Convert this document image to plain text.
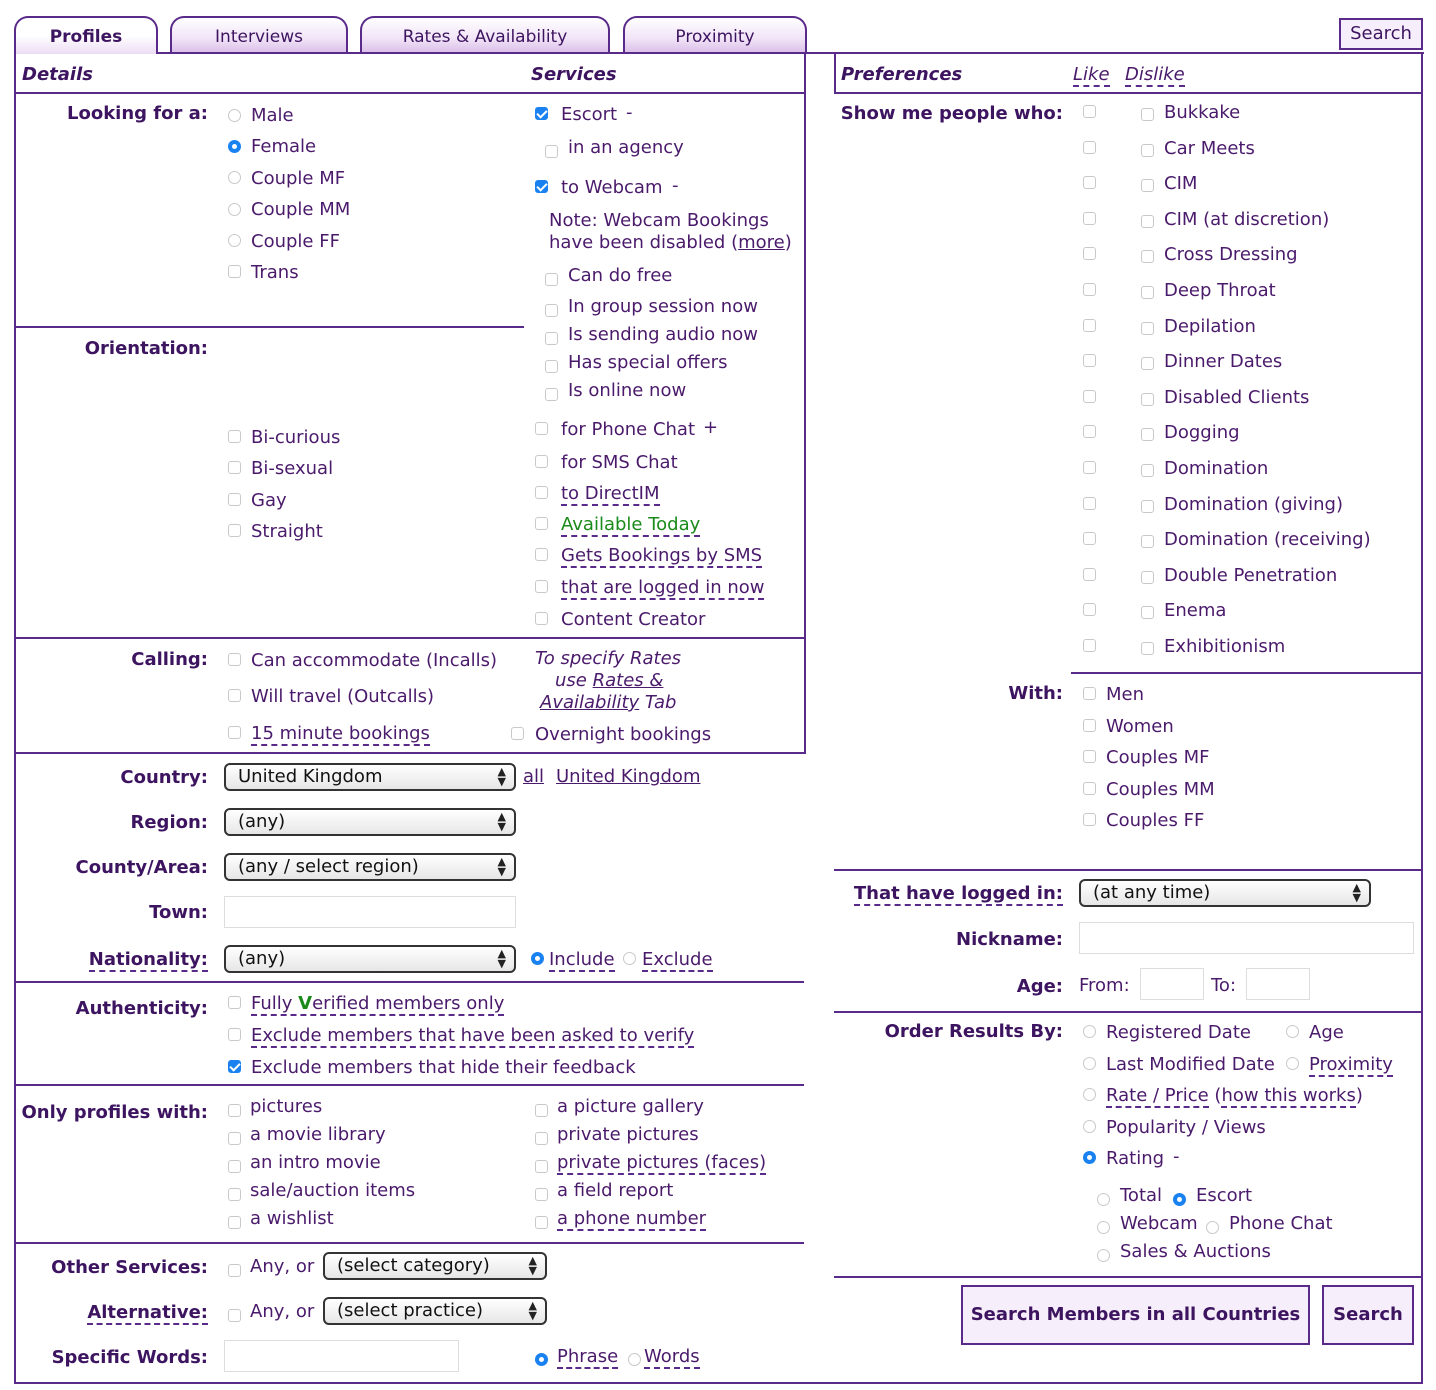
Profiles	Interviews	Rates & Availability	Proximity	Search
Details	Services	Preferences	Like Dislike
Looking for a: Male
Female
Couple MF
Couple MM
Couple FF
Trans
Orientation:
Bi-curious
Bi-sexual
Gay
Straight
Escort -
in an agency
to Webcam -
Note: Webcam Bookings
have been disabled (more)
Can do free
In group session now
Is sending audio now
Has special offers
Is online now
for Phone Chat +
for SMS Chat
to DirectIM
Available Today
Gets Bookings by SMS
that are logged in now
Content Creator
Calling: Can accommodate (Incalls)
Will travel (Outcalls)
15 minute bookings	Overnight bookings
To specify Rates
use Rates &
Availability Tab
Country:	United Kingdom	▲
▼ all United Kingdom
Region:	(any)	▲
▼
County/Area:	(any / select region)	▲
▼
Town:
Nationality:	(any)	▲
▼ Include Exclude
Authenticity: Fully Verified members only
Exclude members that have been asked to verify
Exclude members that hide their feedback
Only profiles with: pictures
a movie library
an intro movie
sale/auction items
a wishlist
a picture gallery
private pictures
private pictures (faces)
a field report
a phone number
Other Services: Any, or	(select category)	▲
▼
Alternative: Any, or	(select practice)	▲
▼
Specific Words:	Phrase Words
Show me people who:	Bukkake
Car Meets
CIM
CIM (at discretion)
Cross Dressing
Deep Throat
Depilation
Dinner Dates
Disabled Clients
Dogging
Domination
Domination (giving)
Domination (receiving)
Double Penetration
Enema
Exhibitionism
With: Men
Women
Couples MF
Couples MM
Couples FF
That have logged in:	(at any time)	▲
▼
Nickname:
Age: From:	To:
Order Results By: Registered Date	Age
Last Modified Date Proximity
Rate / Price (how this works)
Popularity / Views
Rating -
Total Escort
Webcam Phone Chat
Sales & Auctions
Search Members in all Countries	Search
